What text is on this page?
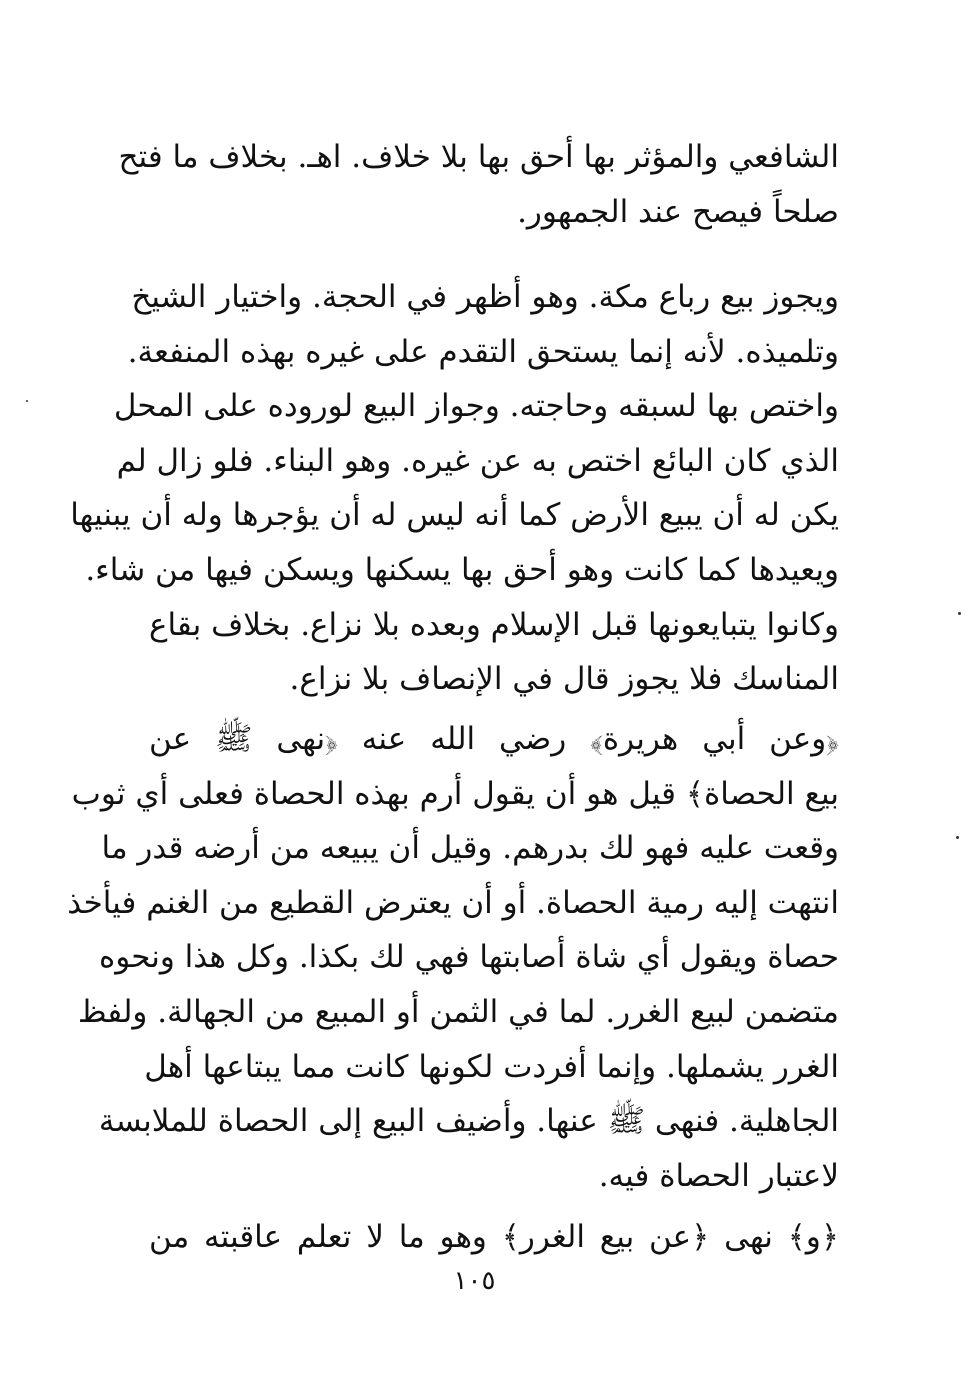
الشافعي والمؤثر بها أحق بها بلا خلاف. اهـ. بخلاف ما فتح
صلحاً فيصح عند الجمهور.
ويجوز بيع رباع مكة. وهو أظهر في الحجة. واختيار الشيخ
وتلميذه. لأنه إنما يستحق التقدم على غيره بهذه المنفعة.
واختص بها لسبقه وحاجته. وجواز البيع لوروده على المحل
الذي كان البائع اختص به عن غيره. وهو البناء. فلو زال لم
يكن له أن يبيع الأرض كما أنه ليس له أن يؤجرها وله أن يبنيها
ويعيدها كما كانت وهو أحق بها يسكنها ويسكن فيها من شاء.
وكانوا يتبايعونها قبل الإسلام وبعده بلا نزاع. بخلاف بقاع
المناسك فلا يجوز قال في الإنصاف بلا نزاع.
﴿وعن أبي هريرة﴾ رضي الله عنه ﴿نهى ﷺ عن
بيع الحصاة﴾ قيل هو أن يقول أرم بهذه الحصاة فعلى أي ثوب
وقعت عليه فهو لك بدرهم. وقيل أن يبيعه من أرضه قدر ما
انتهت إليه رمية الحصاة. أو أن يعترض القطيع من الغنم فيأخذ
حصاة ويقول أي شاة أصابتها فهي لك بكذا. وكل هذا ونحوه
متضمن لبيع الغرر. لما في الثمن أو المبيع من الجهالة. ولفظ
الغرر يشملها. وإنما أفردت لكونها كانت مما يبتاعها أهل
الجاهلية. فنهى ﷺ عنها. وأضيف البيع إلى الحصاة للملابسة
لاعتبار الحصاة فيه.
﴿و﴾ نهى ﴿عن بيع الغرر﴾ وهو ما لا تعلم عاقبته من
١٠٥
